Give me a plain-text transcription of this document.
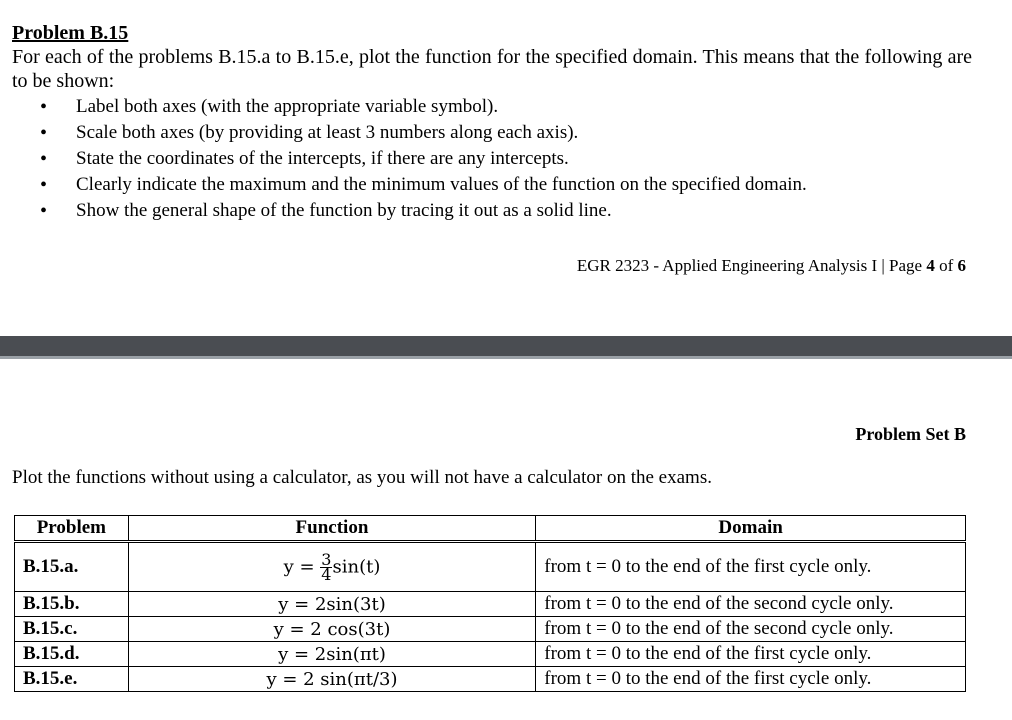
Problem B.15
For each of the problems B.15.a to B.15.e, plot the function for the specified domain. This means that the following are to be shown:
• Label both axes (with the appropriate variable symbol).
• Scale both axes (by providing at least 3 numbers along each axis).
• State the coordinates of the intercepts, if there are any intercepts.
• Clearly indicate the maximum and the minimum values of the function on the specified domain.
• Show the general shape of the function by tracing it out as a solid line.
EGR 2323 - Applied Engineering Analysis I | Page 4 of 6
Problem Set B
Plot the functions without using a calculator, as you will not have a calculator on the exams.
Problem	Function	Domain
B.15.a.	$y = \frac{3}{4} \sin(t)$	from t = 0 to the end of the first cycle only.
B.15.b.	y = 2sin(3t)	from t = 0 to the end of the second cycle only.
B.15.c.	y = 2 cos(3t)	from t = 0 to the end of the second cycle only.
B.15.d.	y = 2sin(πt)	from t = 0 to the end of the first cycle only.
B.15.e.	y = 2 sin(πt/3)	from t = 0 to the end of the first cycle only.
